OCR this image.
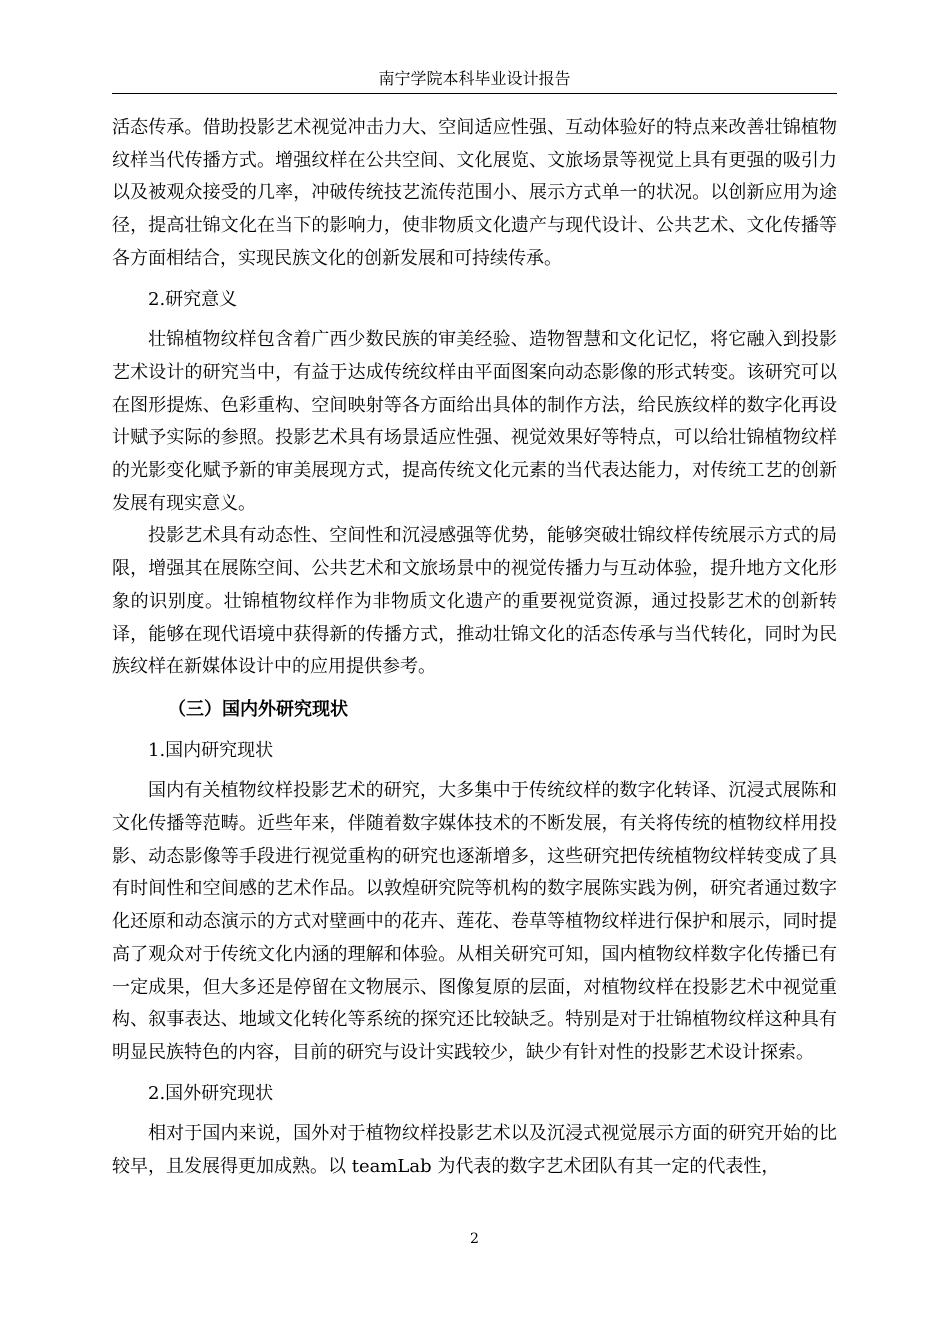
南宁学院本科毕业设计报告

活态传承。借助投影艺术视觉冲击力大、空间适应性强、互动体验好的特点来改善壮锦植物纹样当代传播方式。增强纹样在公共空间、文化展览、文旅场景等视觉上具有更强的吸引力以及被观众接受的几率，冲破传统技艺流传范围小、展示方式单一的状况。以创新应用为途径，提高壮锦文化在当下的影响力，使非物质文化遗产与现代设计、公共艺术、文化传播等各方面相结合，实现民族文化的创新发展和可持续传承。

2.研究意义

壮锦植物纹样包含着广西少数民族的审美经验、造物智慧和文化记忆，将它融入到投影艺术设计的研究当中，有益于达成传统纹样由平面图案向动态影像的形式转变。该研究可以在图形提炼、色彩重构、空间映射等各方面给出具体的制作方法，给民族纹样的数字化再设计赋予实际的参照。投影艺术具有场景适应性强、视觉效果好等特点，可以给壮锦植物纹样的光影变化赋予新的审美展现方式，提高传统文化元素的当代表达能力，对传统工艺的创新发展有现实意义。

投影艺术具有动态性、空间性和沉浸感强等优势，能够突破壮锦纹样传统展示方式的局限，增强其在展陈空间、公共艺术和文旅场景中的视觉传播力与互动体验，提升地方文化形象的识别度。壮锦植物纹样作为非物质文化遗产的重要视觉资源，通过投影艺术的创新转译，能够在现代语境中获得新的传播方式，推动壮锦文化的活态传承与当代转化，同时为民族纹样在新媒体设计中的应用提供参考。

（三）国内外研究现状

1.国内研究现状

国内有关植物纹样投影艺术的研究，大多集中于传统纹样的数字化转译、沉浸式展陈和文化传播等范畴。近些年来，伴随着数字媒体技术的不断发展，有关将传统的植物纹样用投影、动态影像等手段进行视觉重构的研究也逐渐增多，这些研究把传统植物纹样转变成了具有时间性和空间感的艺术作品。以敦煌研究院等机构的数字展陈实践为例，研究者通过数字化还原和动态演示的方式对壁画中的花卉、莲花、卷草等植物纹样进行保护和展示，同时提高了观众对于传统文化内涵的理解和体验。从相关研究可知，国内植物纹样数字化传播已有一定成果，但大多还是停留在文物展示、图像复原的层面，对植物纹样在投影艺术中视觉重构、叙事表达、地域文化转化等系统的探究还比较缺乏。特别是对于壮锦植物纹样这种具有明显民族特色的内容，目前的研究与设计实践较少，缺少有针对性的投影艺术设计探索。

2.国外研究现状

相对于国内来说，国外对于植物纹样投影艺术以及沉浸式视觉展示方面的研究开始的比较早，且发展得更加成熟。以 teamLab 为代表的数字艺术团队有其一定的代表性，

2
